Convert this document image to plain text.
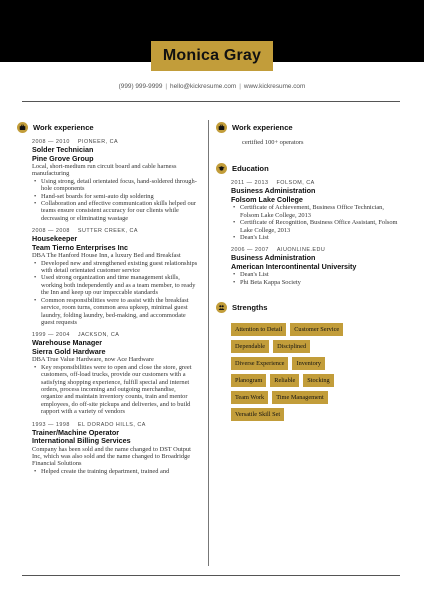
Monica Gray
(999) 999-9999 | hello@kickresume.com | www.kickresume.com
Work experience
2008 — 2010 PIONEER, CA
Solder Technician
Pine Grove Group
Local, short-medium run circuit board and cable harness manufacturing
• Using strong, detail orientated focus, hand-soldered through-hole components
• Hand-set boards for semi-auto dip soldering
• Collaboration and effective communication skills helped our teams ensure consistent accuracy for our clients while decreasing or eliminating wastage
2008 — 2008 SUTTER CREEK, CA
Housekeeper
Team Tierno Enterprises Inc
DBA The Hanford House Inn, a luxury Bed and Breakfast
• Developed new and strengthened existing guest relationships with detail orientated customer service
• Used strong organization and time management skills, working both independently and as a team member, to ready the Inn and keep up our impeccable standards
• Common responsibilities were to assist with the breakfast service, room turns, common area upkeep, minimal guest laundry, folding laundry, bed-making, and accommodate guest requests
1999 — 2004 JACKSON, CA
Warehouse Manager
Sierra Gold Hardware
DBA True Value Hardware, now Ace Hardware
• Key responsibilities were to open and close the store, greet customers, off-load trucks, provide our customers with a satisfying shopping experience, fulfill special and internet orders, process incoming and outgoing merchandise, organize and maintain inventory counts, train and mentor employees, do off-site pickups and deliveries, and to build rapport with a variety of vendors
1993 — 1998 EL DORADO HILLS, CA
Trainer/Machine Operator
International Billing Services
Company has been sold and the name changed to DST Output Inc, which was also sold and the name changed to Broadridge Financial Solutions
• Helped create the training department, trained and
Work experience
certified 100+ operators
Education
2011 — 2013 FOLSOM, CA
Business Administration
Folsom Lake College
• Certificate of Achievement, Business Office Technician, Folsom Lake College, 2013
• Certificate of Recognition, Business Office Assistant, Folsom Lake College, 2013
• Dean's List
2006 — 2007 AIUONLINE.EDU
Business Administration
American Intercontinental University
• Dean's List
• Phi Beta Kappa Society
Strengths
Attention to Detail	Customer Service
Dependable	Disciplined
Diverse Experience	Inventory
Planogram	Reliable	Stocking
Team Work	Time Management
Versatile Skill Set
